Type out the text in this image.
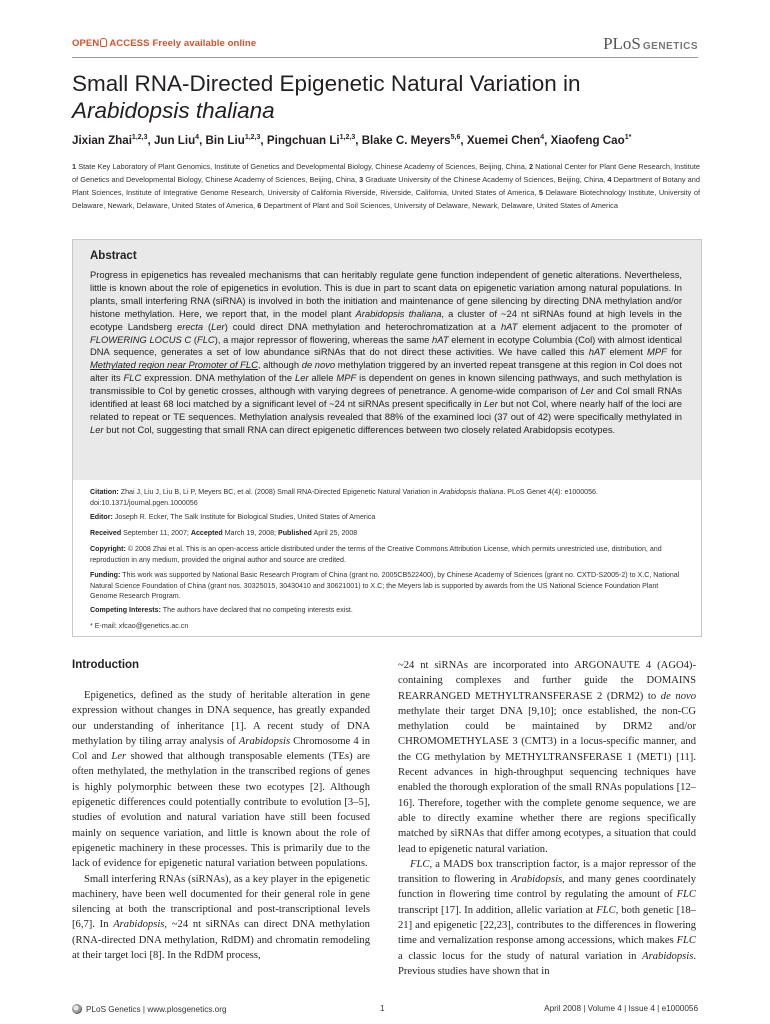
OPEN ACCESS Freely available online	PLoS GENETICS
Small RNA-Directed Epigenetic Natural Variation in
Arabidopsis thaliana
Jixian Zhai$^{1,2,3}$, Jun Liu$^4$, Bin Liu$^{1,2,3}$, Pingchuan Li$^{1,2,3}$, Blake C. Meyers$^{5,6}$, Xuemei Chen$^4$, Xiaofeng Cao$^{1*}$
1 State Key Laboratory of Plant Genomics, Institute of Genetics and Developmental Biology, Chinese Academy of Sciences, Beijing, China, 2 National Center for Plant Gene Research, Institute of Genetics and Developmental Biology, Chinese Academy of Sciences, Beijing, China, 3 Graduate University of the Chinese Academy of Sciences, Beijing, China, 4 Department of Botany and Plant Sciences, Institute of Integrative Genome Research, University of California Riverside, Riverside, California, United States of America, 5 Delaware Biotechnology Institute, University of Delaware, Newark, Delaware, United States of America, 6 Department of Plant and Soil Sciences, University of Delaware, Newark, Delaware, United States of America
Abstract
Progress in epigenetics has revealed mechanisms that can heritably regulate gene function independent of genetic alterations. Nevertheless, little is known about the role of epigenetics in evolution. This is due in part to scant data on epigenetic variation among natural populations. In plants, small interfering RNA (siRNA) is involved in both the initiation and maintenance of gene silencing by directing DNA methylation and/or histone methylation. Here, we report that, in the model plant Arabidopsis thaliana, a cluster of ~24 nt siRNAs found at high levels in the ecotype Landsberg erecta (Ler) could direct DNA methylation and heterochromatization at a hAT element adjacent to the promoter of FLOWERING LOCUS C (FLC), a major repressor of flowering, whereas the same hAT element in ecotype Columbia (Col) with almost identical DNA sequence, generates a set of low abundance siRNAs that do not direct these activities. We have called this hAT element MPF for Methylated region near Promoter of FLC, although de novo methylation triggered by an inverted repeat transgene at this region in Col does not alter its FLC expression. DNA methylation of the Ler allele MPF is dependent on genes in known silencing pathways, and such methylation is transmissible to Col by genetic crosses, although with varying degrees of penetrance. A genome-wide comparison of Ler and Col small RNAs identified at least 68 loci matched by a significant level of ~24 nt siRNAs present specifically in Ler but not Col, where nearly half of the loci are related to repeat or TE sequences. Methylation analysis revealed that 88% of the examined loci (37 out of 42) were specifically methylated in Ler but not Col, suggesting that small RNA can direct epigenetic differences between two closely related Arabidopsis ecotypes.
Citation: Zhai J, Liu J, Liu B, Li P, Meyers BC, et al. (2008) Small RNA-Directed Epigenetic Natural Variation in Arabidopsis thaliana. PLoS Genet 4(4): e1000056. doi:10.1371/journal.pgen.1000056
Editor: Joseph R. Ecker, The Salk Institute for Biological Studies, United States of America
Received September 11, 2007; Accepted March 19, 2008; Published April 25, 2008
Copyright: © 2008 Zhai et al. This is an open-access article distributed under the terms of the Creative Commons Attribution License, which permits unrestricted use, distribution, and reproduction in any medium, provided the original author and source are credited.
Funding: This work was supported by National Basic Research Program of China (grant no. 2005CB522400), by Chinese Academy of Sciences (grant no. CXTD-S2005-2) to X.C, National Natural Science Foundation of China (grant nos. 30325015, 30430410 and 30621001) to X.C; the Meyers lab is supported by awards from the US National Science Foundation Plant Genome Research Program.
Competing Interests: The authors have declared that no competing interests exist.
* E-mail: xfcao@genetics.ac.cn
Introduction

Epigenetics, defined as the study of heritable alteration in gene expression without changes in DNA sequence, has greatly expanded our understanding of inheritance [1]. A recent study of DNA methylation by tiling array analysis of Arabidopsis Chromosome 4 in Col and Ler showed that although transposable elements (TEs) are often methylated, the methylation in the transcribed regions of genes is highly polymorphic between these two ecotypes [2]. Although epigenetic differences could potentially contribute to evolution [3–5], studies of evolution and natural variation have still been focused mainly on sequence variation, and little is known about the role of epigenetic machinery in these processes. This is primarily due to the lack of evidence for epigenetic natural variation between populations.

Small interfering RNAs (siRNAs), as a key player in the epigenetic machinery, have been well documented for their general role in gene silencing at both the transcriptional and post-transcriptional levels [6,7]. In Arabidopsis, ~24 nt siRNAs can direct DNA methylation (RNA-directed DNA methylation, RdDM) and chromatin remodeling at their target loci [8]. In the RdDM process,

~24 nt siRNAs are incorporated into ARGONAUTE 4 (AGO4)-containing complexes and further guide the DOMAINS REARRANGED METHYLTRANSFERASE 2 (DRM2) to de novo methylate their target DNA [9,10]; once established, the non-CG methylation could be maintained by DRM2 and/or CHROMOMETHYLASE 3 (CMT3) in a locus-specific manner, and the CG methylation by METHYLTRANSFERASE 1 (MET1) [11]. Recent advances in high-throughput sequencing techniques have enabled the thorough exploration of the small RNAs populations [12–16]. Therefore, together with the complete genome sequence, we are able to directly examine whether there are regions specifically matched by siRNAs that differ among ecotypes, a situation that could lead to epigenetic natural variation.

FLC, a MADS box transcription factor, is a major repressor of the transition to flowering in Arabidopsis, and many genes coordinately function in flowering time control by regulating the amount of FLC transcript [17]. In addition, allelic variation at FLC, both genetic [18–21] and epigenetic [22,23], contributes to the differences in flowering time and vernalization response among accessions, which makes FLC a classic locus for the study of natural variation in Arabidopsis. Previous studies have shown that in

PLoS Genetics | www.plosgenetics.org	1	April 2008 | Volume 4 | Issue 4 | e1000056
